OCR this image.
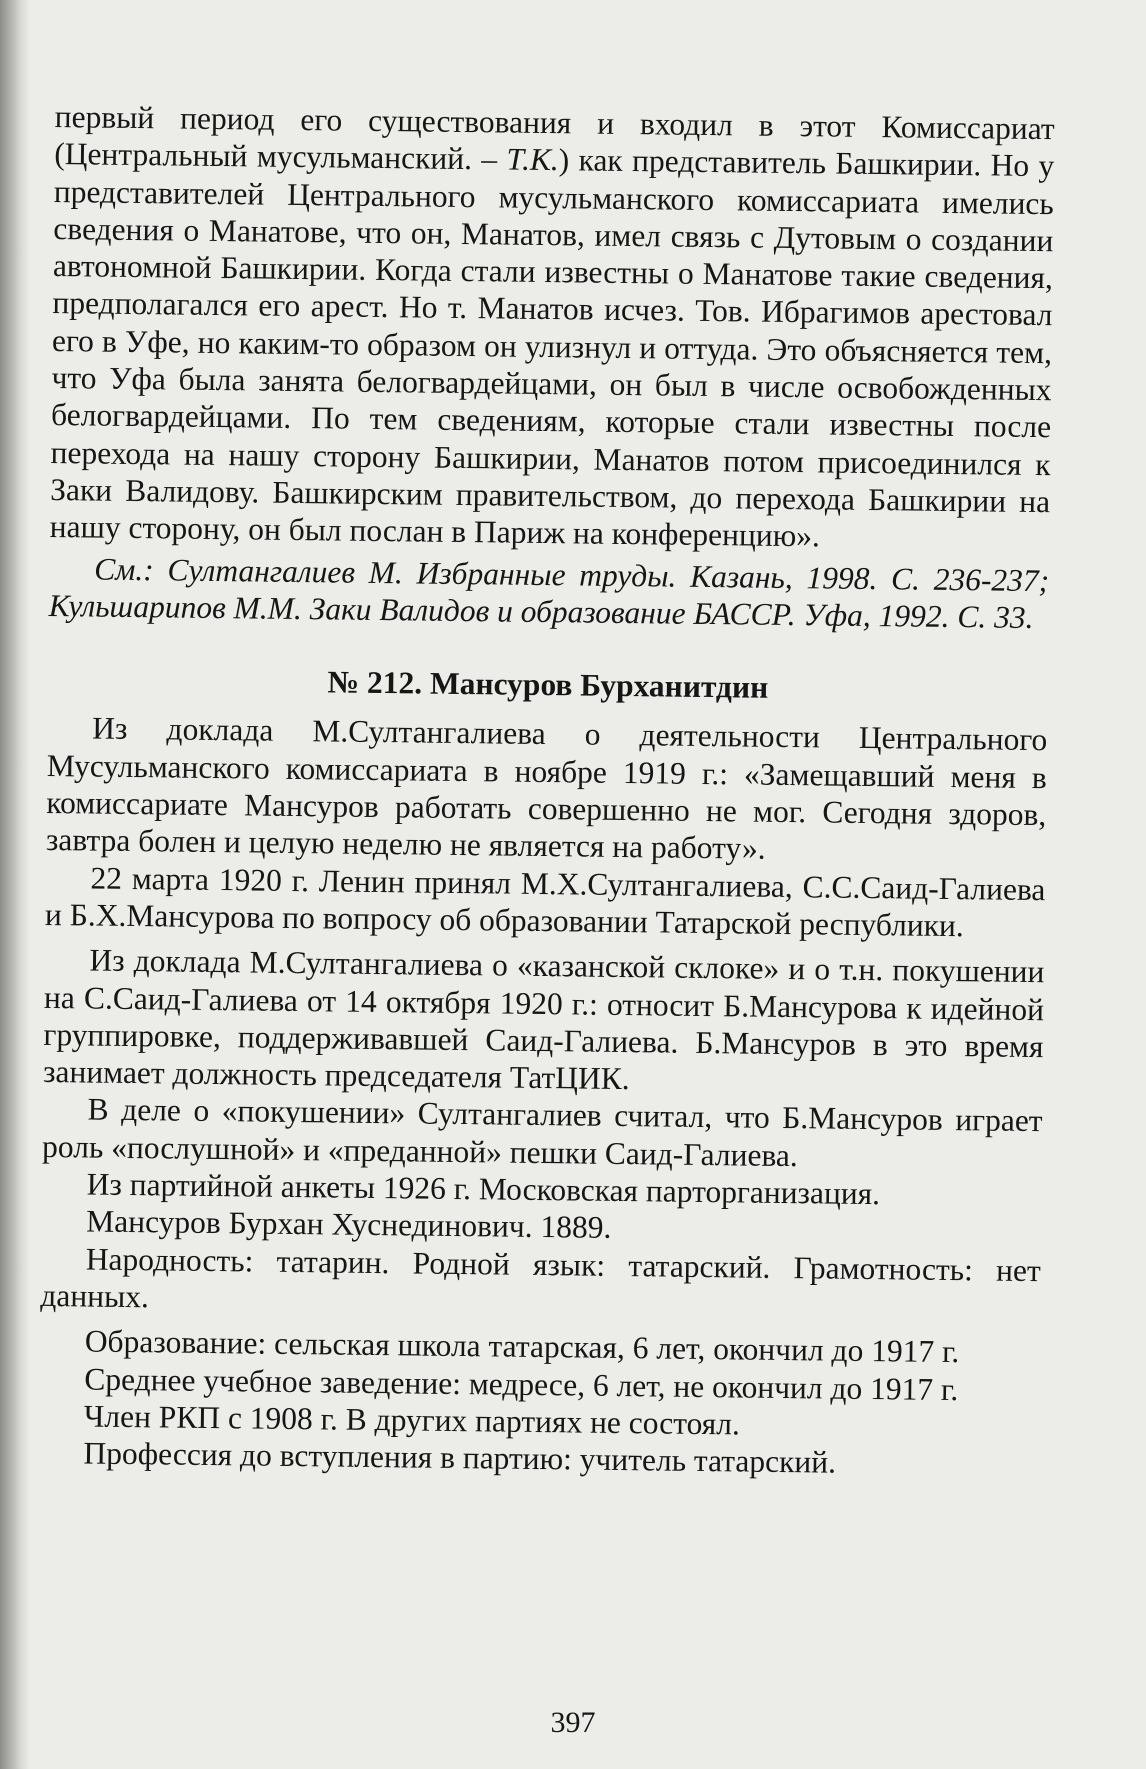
первый период его существования и входил в этот Комиссариат (Центральный мусульманский. – Т.К.) как представитель Башкирии. Но у представителей Центрального мусульманского комиссариата имелись сведения о Манатове, что он, Манатов, имел связь с Дутовым о создании автономной Башкирии. Когда стали известны о Манатове такие сведения, предполагался его арест. Но т. Манатов исчез. Тов. Ибрагимов арестовал его в Уфе, но каким-то образом он улизнул и оттуда. Это объясняется тем, что Уфа была занята белогвардейцами, он был в числе освобожденных белогвардейцами. По тем сведениям, которые стали известны после перехода на нашу сторону Башкирии, Манатов потом присоединился к Заки Валидову. Башкирским правительством, до перехода Башкирии на нашу сторону, он был послан в Париж на конференцию».

См.: Султангалиев М. Избранные труды. Казань, 1998. С. 236-237; Кульшарипов М.М. Заки Валидов и образование БАССР. Уфа, 1992. С. 33.

№ 212. Мансуров Бурханитдин

Из доклада М.Султангалиева о деятельности Центрального Мусульманского комиссариата в ноябре 1919 г.: «Замещавший меня в комиссариате Мансуров работать совершенно не мог. Сегодня здоров, завтра болен и целую неделю не является на работу».

22 марта 1920 г. Ленин принял М.Х.Султангалиева, С.С.Саид-Галиева и Б.Х.Мансурова по вопросу об образовании Татарской республики.

Из доклада М.Султангалиева о «казанской склоке» и о т.н. покушении на С.Саид-Галиева от 14 октября 1920 г.: относит Б.Мансурова к идейной группировке, поддерживавшей Саид-Галиева. Б.Мансуров в это время занимает должность председателя ТатЦИК.

В деле о «покушении» Султангалиев считал, что Б.Мансуров играет роль «послушной» и «преданной» пешки Саид-Галиева.

Из партийной анкеты 1926 г. Московская парторганизация.

Мансуров Бурхан Хуснединович. 1889.

Народность: татарин. Родной язык: татарский. Грамотность: нет данных.

Образование: сельская школа татарская, 6 лет, окончил до 1917 г.

Среднее учебное заведение: медресе, 6 лет, не окончил до 1917 г.

Член РКП с 1908 г. В других партиях не состоял.

Профессия до вступления в партию: учитель татарский.

397
